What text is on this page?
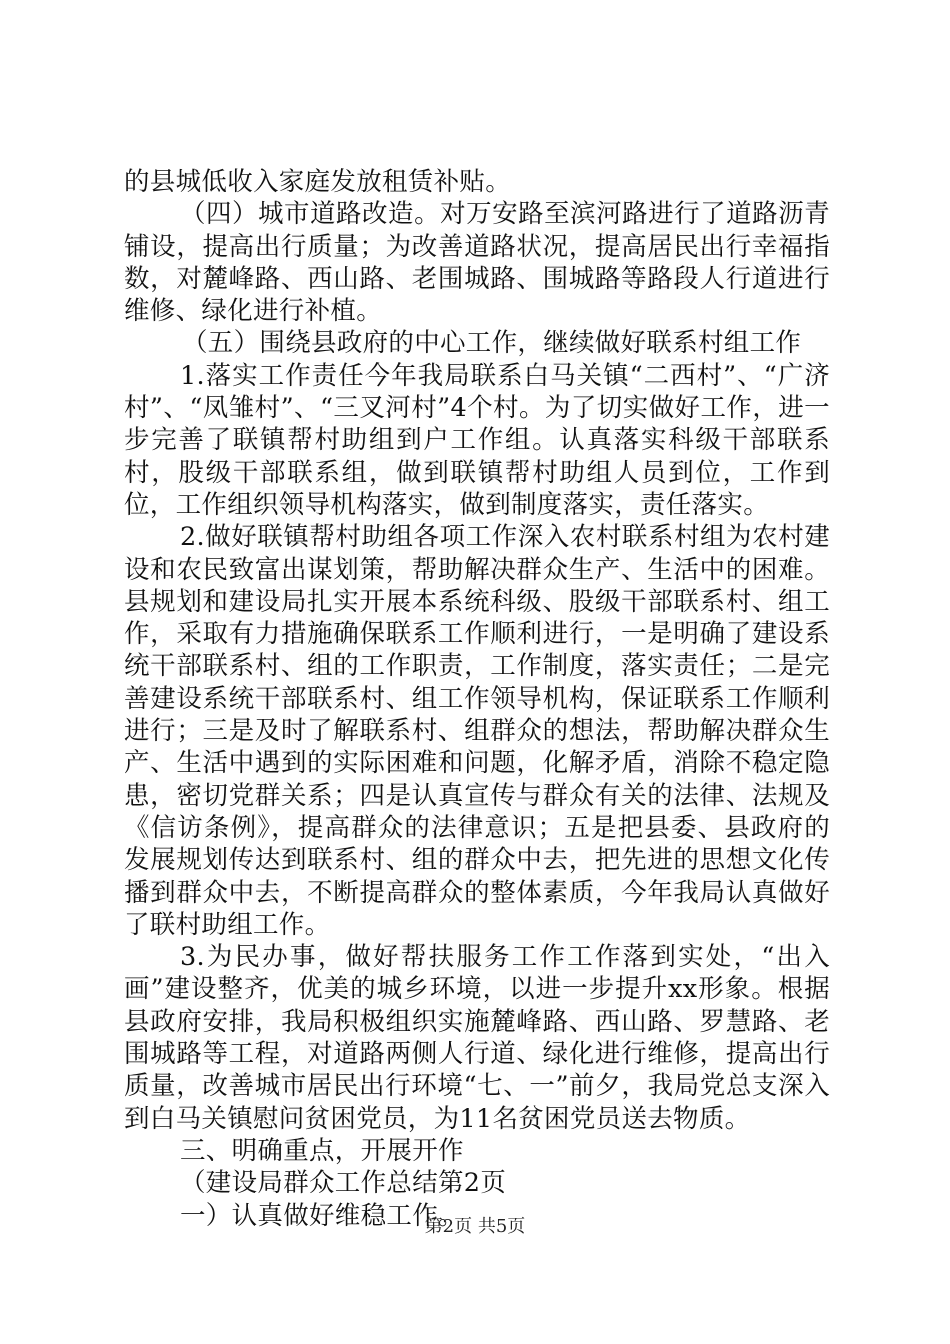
的县城低收入家庭发放租赁补贴。

（四）城市道路改造。对万安路至滨河路进行了道路沥青铺设，提高出行质量；为改善道路状况，提高居民出行幸福指数，对麓峰路、西山路、老围城路、围城路等路段人行道进行维修、绿化进行补植。

（五）围绕县政府的中心工作，继续做好联系村组工作

1.落实工作责任今年我局联系白马关镇“二西村”、“广济村”、“凤雏村”、“三叉河村”4个村。为了切实做好工作，进一步完善了联镇帮村助组到户工作组。认真落实科级干部联系村，股级干部联系组，做到联镇帮村助组人员到位，工作到位，工作组织领导机构落实，做到制度落实，责任落实。

2.做好联镇帮村助组各项工作深入农村联系村组为农村建设和农民致富出谋划策，帮助解决群众生产、生活中的困难。县规划和建设局扎实开展本系统科级、股级干部联系村、组工作，采取有力措施确保联系工作顺利进行，一是明确了建设系统干部联系村、组的工作职责，工作制度，落实责任；二是完善建设系统干部联系村、组工作领导机构，保证联系工作顺利进行；三是及时了解联系村、组群众的想法，帮助解决群众生产、生活中遇到的实际困难和问题，化解矛盾，消除不稳定隐患，密切党群关系；四是认真宣传与群众有关的法律、法规及《信访条例》，提高群众的法律意识；五是把县委、县政府的发展规划传达到联系村、组的群众中去，把先进的思想文化传播到群众中去，不断提高群众的整体素质，今年我局认真做好了联村助组工作。

3.为民办事，做好帮扶服务工作工作落到实处，“出入画”建设整齐，优美的城乡环境，以进一步提升xx形象。根据县政府安排，我局积极组织实施麓峰路、西山路、罗慧路、老围城路等工程，对道路两侧人行道、绿化进行维修，提高出行质量，改善城市居民出行环境“七、一”前夕，我局党总支深入到白马关镇慰问贫困党员，为11名贫困党员送去物质。

三、明确重点，开展开作

（建设局群众工作总结第2页

一）认真做好维稳工作。

第2页 共5页
